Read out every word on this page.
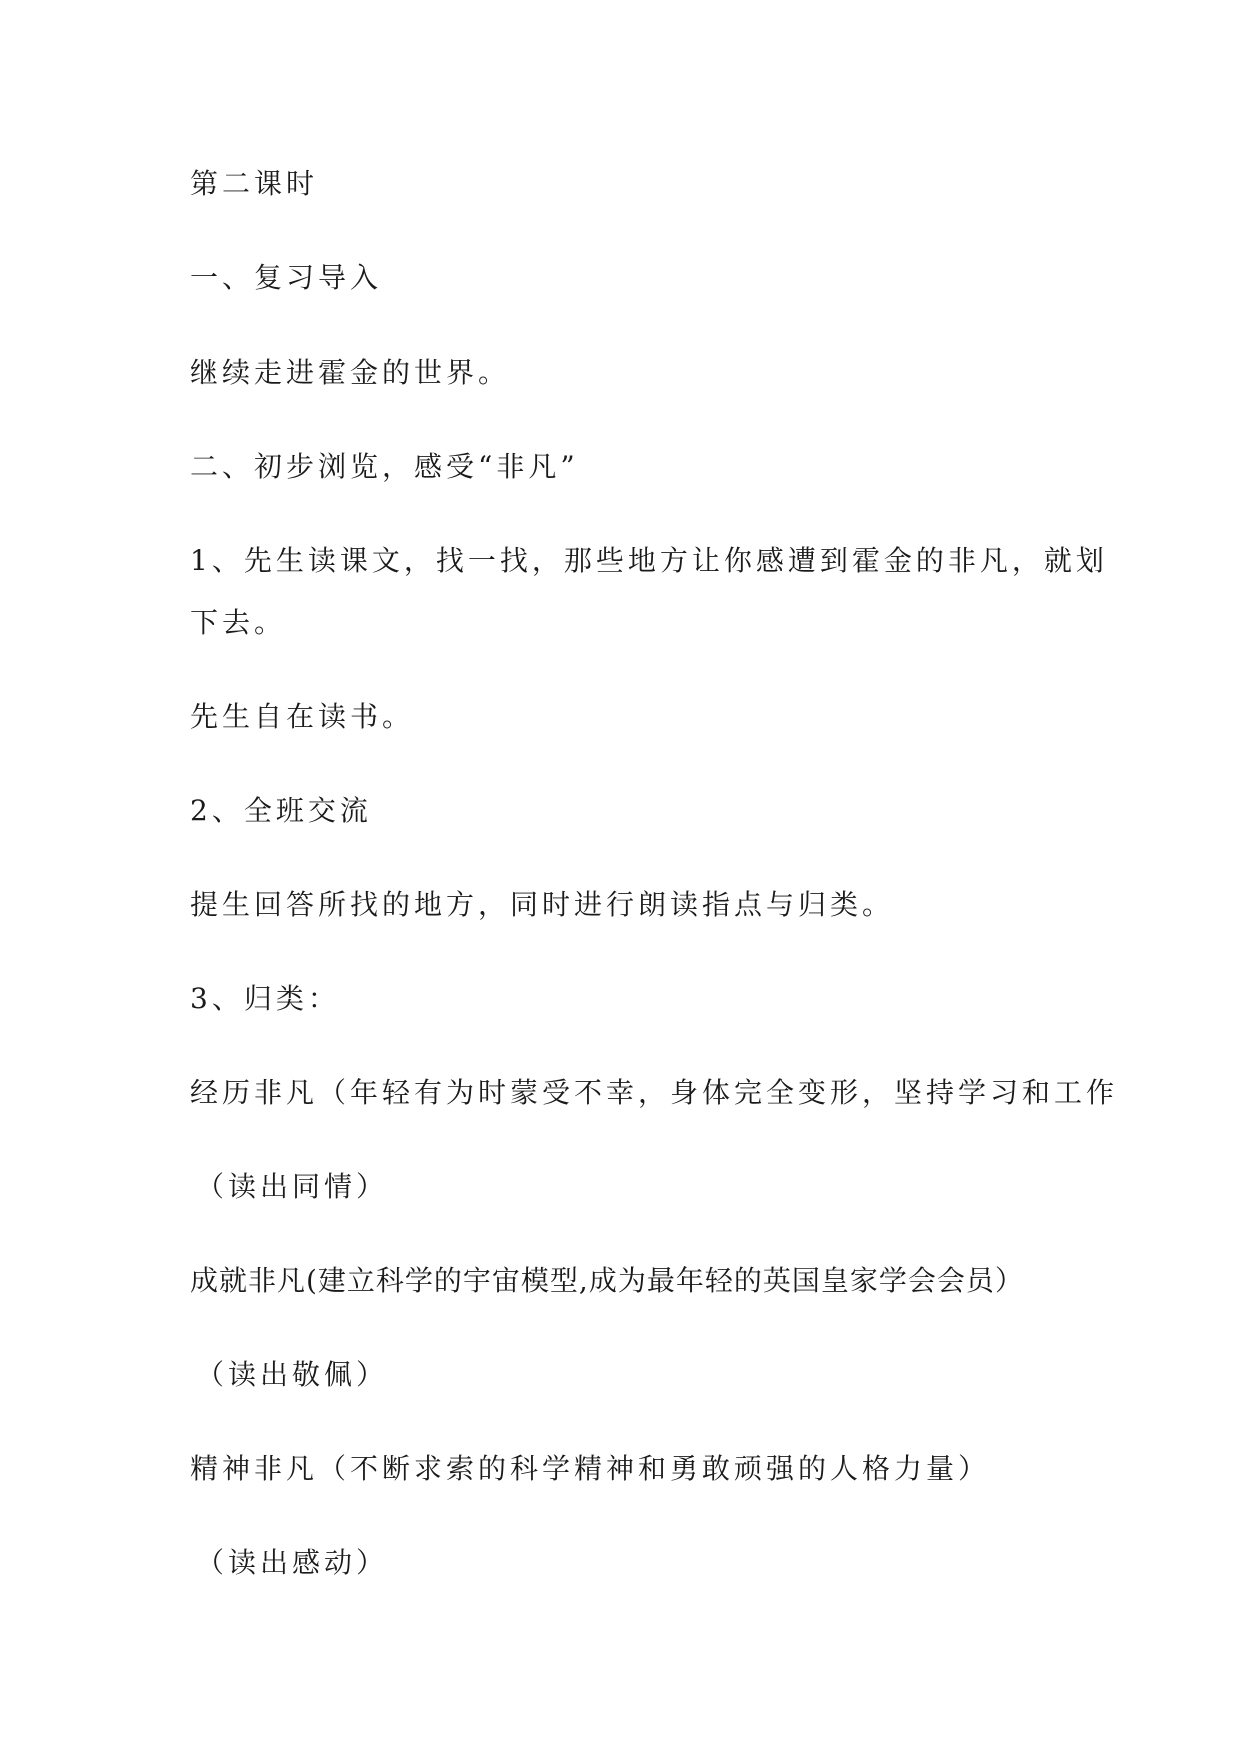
第二课时
一、复习导入
继续走进霍金的世界。
二、初步浏览，感受“非凡”
1、先生读课文，找一找，那些地方让你感遭到霍金的非凡，就划
下去。
先生自在读书。
2、全班交流
提生回答所找的地方，同时进行朗读指点与归类。
3、归类：
经历非凡（年轻有为时蒙受不幸，身体完全变形，坚持学习和工作
（读出同情）
成就非凡(建立科学的宇宙模型,成为最年轻的英国皇家学会会员）
（读出敬佩）
精神非凡（不断求索的科学精神和勇敢顽强的人格力量）
（读出感动）
